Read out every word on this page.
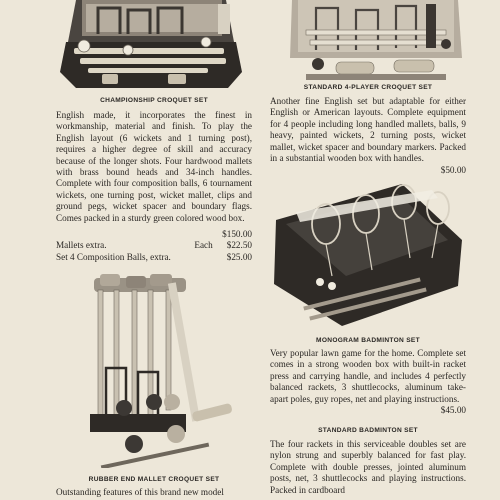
CHAMPIONSHIP CROQUET SET
English made, it incorporates the finest in workmanship, material and finish. To play the English layout (6 wickets and 1 turning post), requires a higher degree of skill and accuracy because of the longer shots. Four hardwood mallets with brass bound heads and 34-inch handles. Complete with four composition balls, 6 tournament wickets, one turning post, wicket mallet, clips and ground pegs, wicket spacer and boundary flags. Comes packed in a sturdy green colored wood box.
$150.00
Mallets extra.	Each	$22.50
Set 4 Composition Balls, extra.	$25.00
RUBBER END MALLET CROQUET SET
Outstanding features of this brand new model
STANDARD 4-PLAYER CROQUET SET
Another fine English set but adaptable for either English or American layouts. Complete equipment for 4 people including long handled mallets, balls, 9 heavy, painted wickets, 2 turning posts, wicket mallet, wicket spacer and boundary markers. Packed in a substantial wooden box with handles.
$50.00
MONOGRAM BADMINTON SET
Very popular lawn game for the home. Complete set comes in a strong wooden box with built-in racket press and carrying handle, and includes 4 perfectly balanced rackets, 3 shuttlecocks, aluminum take-apart poles, guy ropes, net and playing instructions.
$45.00
STANDARD BADMINTON SET
The four rackets in this serviceable doubles set are nylon strung and superbly balanced for fast play. Complete with double presses, jointed aluminum posts, net, 3 shuttlecocks and playing instructions. Packed in cardboard
